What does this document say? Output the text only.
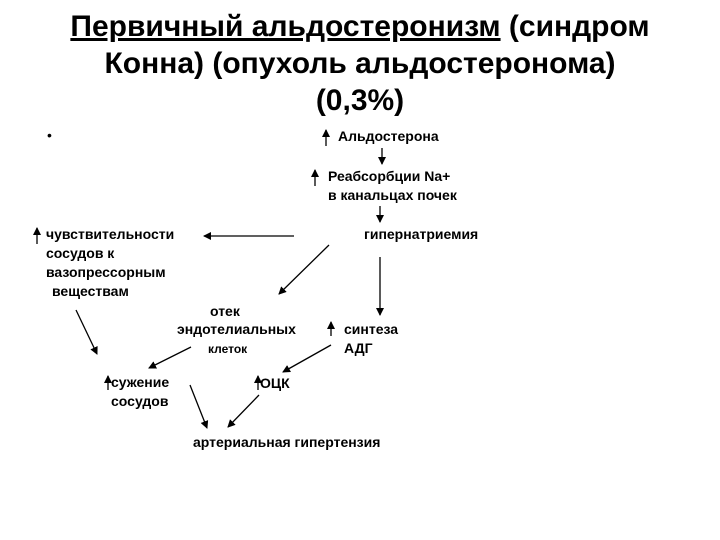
Первичный альдостеронизм (синдром
Конна) (опухоль альдостеронома)
(0,3%)
•	Альдостерона
Реабсорбции Na+
в канальцах почек
гипернатриемия
чувствительности
сосудов к
вазопрессорным
веществам
отек
эндотелиальных
клеток
синтеза
АДГ
сужение
сосудов
ОЦК
артериальная гипертензия
